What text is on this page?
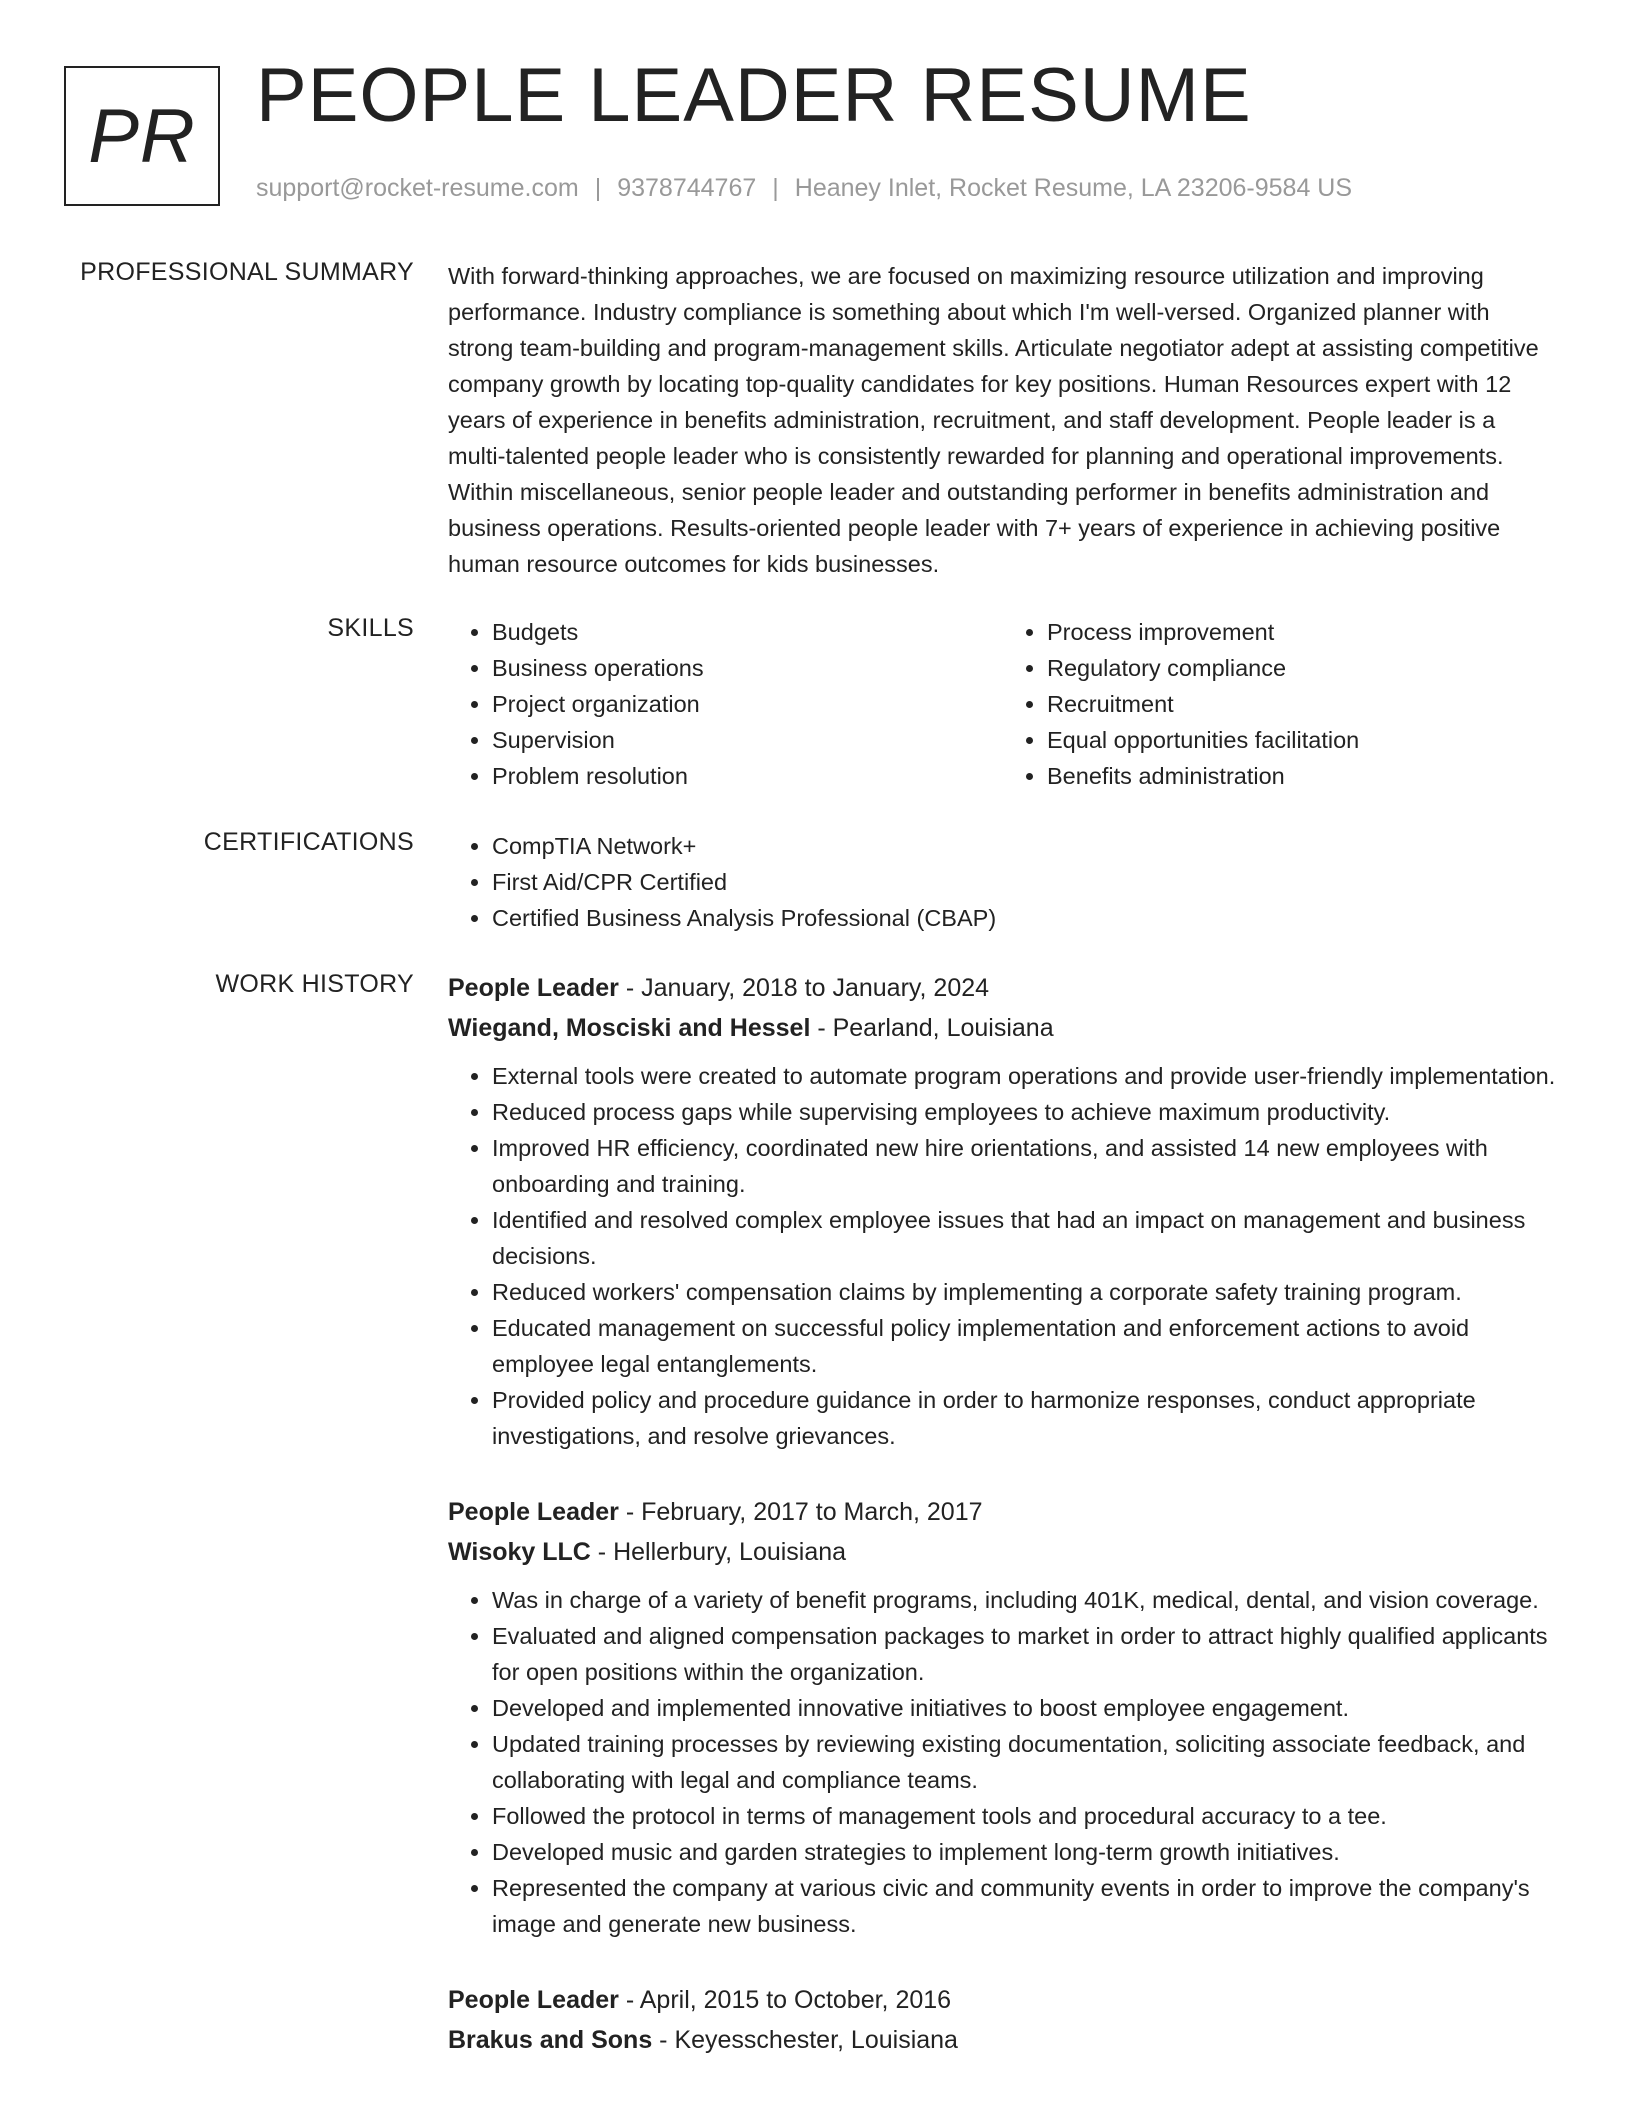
PR PEOPLE LEADER RESUME
support@rocket-resume.com | 9378744767 | Heaney Inlet, Rocket Resume, LA 23206-9584 US
PROFESSIONAL SUMMARY With forward-thinking approaches, we are focused on maximizing resource utilization and improving performance. Industry compliance is something about which I'm well-versed. Organized planner with strong team-building and program-management skills. Articulate negotiator adept at assisting competitive company growth by locating top-quality candidates for key positions. Human Resources expert with 12 years of experience in benefits administration, recruitment, and staff development. People leader is a multi-talented people leader who is consistently rewarded for planning and operational improvements. Within miscellaneous, senior people leader and outstanding performer in benefits administration and business operations. Results-oriented people leader with 7+ years of experience in achieving positive human resource outcomes for kids businesses.

SKILLS	• Budgets
• Business operations
• Project organization
• Supervision
• Problem resolution
• Process improvement
• Regulatory compliance
• Recruitment
• Equal opportunities facilitation
• Benefits administration
CERTIFICATIONS	• CompTIA Network+
• First Aid/CPR Certified
• Certified Business Analysis Professional (CBAP)
WORK HISTORY People Leader - January, 2018 to January, 2024

Wiegand, Mosciski and Hessel - Pearland, Louisiana

• External tools were created to automate program operations and provide user-friendly implementation.
• Reduced process gaps while supervising employees to achieve maximum productivity.
• Improved HR efficiency, coordinated new hire orientations, and assisted 14 new employees with onboarding and training.
• Identified and resolved complex employee issues that had an impact on management and business decisions.
• Reduced workers' compensation claims by implementing a corporate safety training program.
• Educated management on successful policy implementation and enforcement actions to avoid employee legal entanglements.
• Provided policy and procedure guidance in order to harmonize responses, conduct appropriate investigations, and resolve grievances.

People Leader - February, 2017 to March, 2017

Wisoky LLC - Hellerbury, Louisiana

• Was in charge of a variety of benefit programs, including 401K, medical, dental, and vision coverage.
• Evaluated and aligned compensation packages to market in order to attract highly qualified applicants for open positions within the organization.
• Developed and implemented innovative initiatives to boost employee engagement.
• Updated training processes by reviewing existing documentation, soliciting associate feedback, and collaborating with legal and compliance teams.
• Followed the protocol in terms of management tools and procedural accuracy to a tee.
• Developed music and garden strategies to implement long-term growth initiatives.
• Represented the company at various civic and community events in order to improve the company's image and generate new business.

People Leader - April, 2015 to October, 2016

Brakus and Sons - Keyesschester, Louisiana
